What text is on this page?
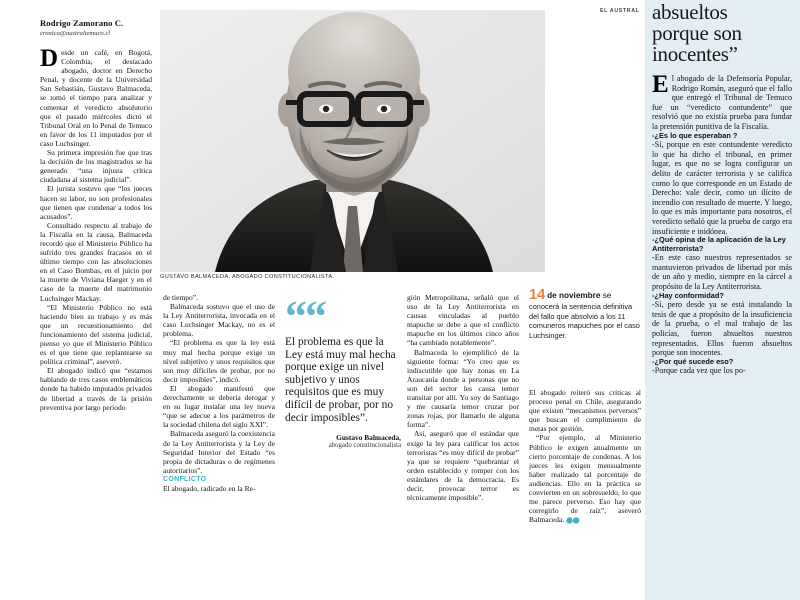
EL AUSTRAL
Rodrigo Zamorano C.
cronica@australtemuco.cl
GUSTAVO BALMACEDA, ABOGADO CONSTITUCIONALISTA.

Desde un café, en Bogotá, Colombia, el destacado abogado, doctor en Derecho Penal, y docente de la Universidad San Sebastián, Gustavo Balmaceda, se tomó el tiempo para analizar y comentar el veredicto absolutorio que el pasado miércoles dictó el Tribunal Oral en lo Penal de Temuco en favor de los 11 imputados por el caso Luchsinger.

Su primera impresión fue que tras la decisión de los magistrados se ha generado “una injusta crítica ciudadana al sistema judicial”.

El jurista sostuvo que “los jueces hacen su labor, no son profesionales que tienen que condenar a todos los acusados”.

Consultado respecto al trabajo de la Fiscalía en la causa, Balmaceda recordó que el Ministerio Público ha sufrido tres grandes fracasos en el último tiempo con las absoluciones en el Caso Bombas, en el juicio por la muerte de Viviana Haeger y en el caso de la muerte del matrimonio Luchsinger Mackay.

“El Ministerio Público no está haciendo bien su trabajo y es más que un recuestionamiento del funcionamiento del sistema judicial, pienso yo que el Ministerio Público es el que tiene que replantearse su política criminal”, aseveró.

El abogado indicó que “estamos hablando de tres casos emblemáticos donde ha habido imputados privados de libertad a través de la prisión preventiva por largo periodo

de tiempo”.

Balmaceda sostuvo que el uso de la Ley Antiterrorista, invocada en el caso Luchsinger Mackay, no es el problema.

“El problema es que la ley está muy mal hecha porque exige un nivel subjetivo y unos requisitos que son muy difíciles de probar, por no decir imposibles”, indicó.

El abogado manifestó que derechamente se debería derogar y en su lugar instalar una ley nueva “que se adecue a los parámetros de la sociedad chilena del siglo XXI”.

Balmaceda aseguró la coexistencia de la Ley Antiterrorista y la Ley de Seguridad Interior del Estado “es propia de dictaduras o de regímenes autoritarios”.

CONFLICTO

El abogado, radicado en la Re-

““
El problema es que la Ley está muy mal hecha porque exige un nivel subjetivo y unos requisitos que es muy difícil de probar, por no decir imposibles”.
Gustavo Balmaceda,
abogado constitucionalista

gión Metropolitana, señaló que el uso de la Ley Antiterrorista en causas vinculadas al pueblo mapuche se debe a que el conflicto mapuche en los últimos cinco años “ha cambiado notablemente”.

Balmaceda lo ejemplificó de la siguiente forma: “Yo creo que es indiscutible que hay zonas en La Araucanía donde a personas que no son del sector les causa temor transitar por allí. Yo soy de Santiago y me causaría temor cruzar por zonas rojas, por llamarlo de alguna forma”.

Así, aseguró que el estándar que exige la ley para calificar los actos terroristas “es muy difícil de probar” ya que se requiere “quebrantar el orden establecido y romper con los estándares de la democracia. Es decir, provocar terror es técnicamente imposible”.

14 de noviembre se
conocerá la sentencia definitiva del fallo que absolvió a los 11 comuneros mapuches por el caso Luchsinger.

El abogado reiteró sus críticas al proceso penal en Chile, asegurando que existen “mecanismos perversos” que buscan el cumplimiento de metas por gestión.

“Por ejemplo, al Ministerio Público le exigen anualmente un cierto porcentaje de condenas. A los jueces les exigen mensualmente haber realizado tal porcentaje de audiencias. Ello en la práctica se convierten en un sobresueldo, lo que me parece perverso. Eso hay que corregirlo de raíz”, aseveró Balmaceda. ⬤⬤

absueltos
porque son
inocentes”

El abogado de la Defensoría Popular, Rodrigo Román, aseguró que el fallo que entregó el Tribunal de Temuco fue un “veredicto contundente” que resolvió que no existía prueba para fundar la pretensión punitiva de la Fiscalía.

-¿Es lo que esperaban ?

-Sí, porque en este contundente veredicto lo que ha dicho el tribunal, en primer lugar, es que no se logra configurar un delito de carácter terrorista y se califica como lo que corresponde en un Estado de Derecho: vale decir, como un ilícito de incendio con resultado de muerte. Y luego, lo que es más importante para nosotros, el veredicto señaló que la prueba de cargo era insuficiente e inidónea.

-¿Qué opina de la aplicación de la Ley Antiterrorista?

-En este caso nuestros representados se mantuvieron privados de libertad por más de un año y medio, siempre en la cárcel a propósito de la Ley Antiterrorista.

-¿Hay conformidad?

-Sí, pero desde ya se está instalando la tesis de que a propósito de la insuficiencia de la prueba, o el mal trabajo de las policías, fueron absueltos nuestros representados. Ellos fueron absueltos porque son inocentes.

-¿Por qué sucede eso?

-Porque cada vez que los po-
